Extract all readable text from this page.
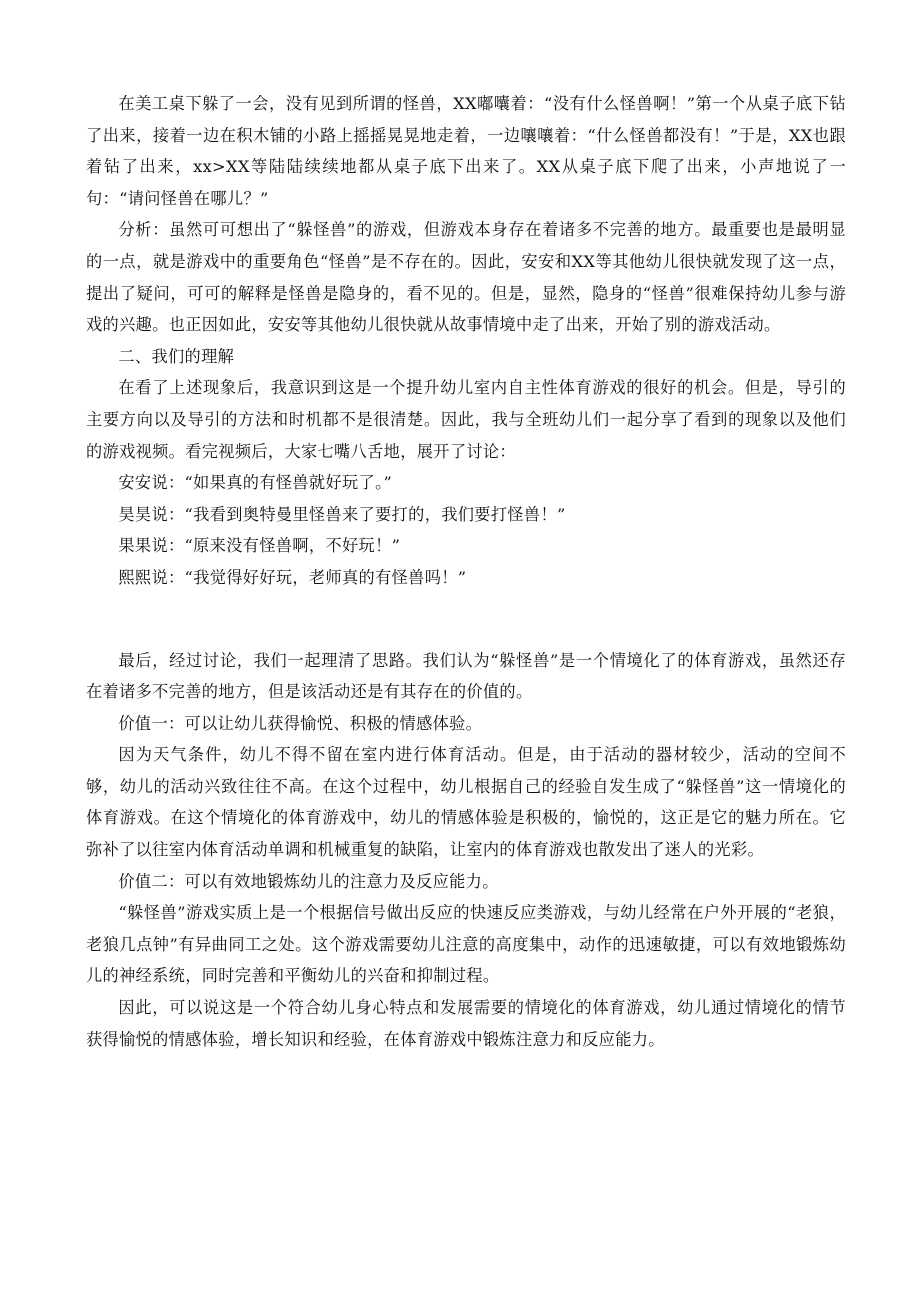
在美工桌下躲了一会，没有见到所谓的怪兽，XX嘟囔着：“没有什么怪兽啊！”第一个从桌子底下钻了出来，接着一边在积木铺的小路上摇摇晃晃地走着，一边嚷嚷着：“什么怪兽都没有！”于是，XX也跟着钻了出来，xx>XX等陆陆续续地都从桌子底下出来了。XX从桌子底下爬了出来，小声地说了一句：“请问怪兽在哪儿？”

分析：虽然可可想出了“躲怪兽”的游戏，但游戏本身存在着诸多不完善的地方。最重要也是最明显的一点，就是游戏中的重要角色“怪兽”是不存在的。因此，安安和XX等其他幼儿很快就发现了这一点，提出了疑问，可可的解释是怪兽是隐身的，看不见的。但是，显然，隐身的“怪兽”很难保持幼儿参与游戏的兴趣。也正因如此，安安等其他幼儿很快就从故事情境中走了出来，开始了别的游戏活动。

二、我们的理解

在看了上述现象后，我意识到这是一个提升幼儿室内自主性体育游戏的很好的机会。但是，导引的主要方向以及导引的方法和时机都不是很清楚。因此，我与全班幼儿们一起分享了看到的现象以及他们的游戏视频。看完视频后，大家七嘴八舌地，展开了讨论：

安安说：“如果真的有怪兽就好玩了。”

昊昊说：“我看到奥特曼里怪兽来了要打的，我们要打怪兽！”

果果说：“原来没有怪兽啊，不好玩！”

熙熙说：“我觉得好好玩，老师真的有怪兽吗！”

最后，经过讨论，我们一起理清了思路。我们认为“躲怪兽”是一个情境化了的体育游戏，虽然还存在着诸多不完善的地方，但是该活动还是有其存在的价值的。

价值一：可以让幼儿获得愉悦、积极的情感体验。

因为天气条件，幼儿不得不留在室内进行体育活动。但是，由于活动的器材较少，活动的空间不够，幼儿的活动兴致往往不高。在这个过程中，幼儿根据自己的经验自发生成了“躲怪兽”这一情境化的体育游戏。在这个情境化的体育游戏中，幼儿的情感体验是积极的，愉悦的，这正是它的魅力所在。它弥补了以往室内体育活动单调和机械重复的缺陷，让室内的体育游戏也散发出了迷人的光彩。

价值二：可以有效地锻炼幼儿的注意力及反应能力。

“躲怪兽”游戏实质上是一个根据信号做出反应的快速反应类游戏，与幼儿经常在户外开展的“老狼，老狼几点钟”有异曲同工之处。这个游戏需要幼儿注意的高度集中，动作的迅速敏捷，可以有效地锻炼幼儿的神经系统，同时完善和平衡幼儿的兴奋和抑制过程。

因此，可以说这是一个符合幼儿身心特点和发展需要的情境化的体育游戏，幼儿通过情境化的情节获得愉悦的情感体验，增长知识和经验，在体育游戏中锻炼注意力和反应能力。
